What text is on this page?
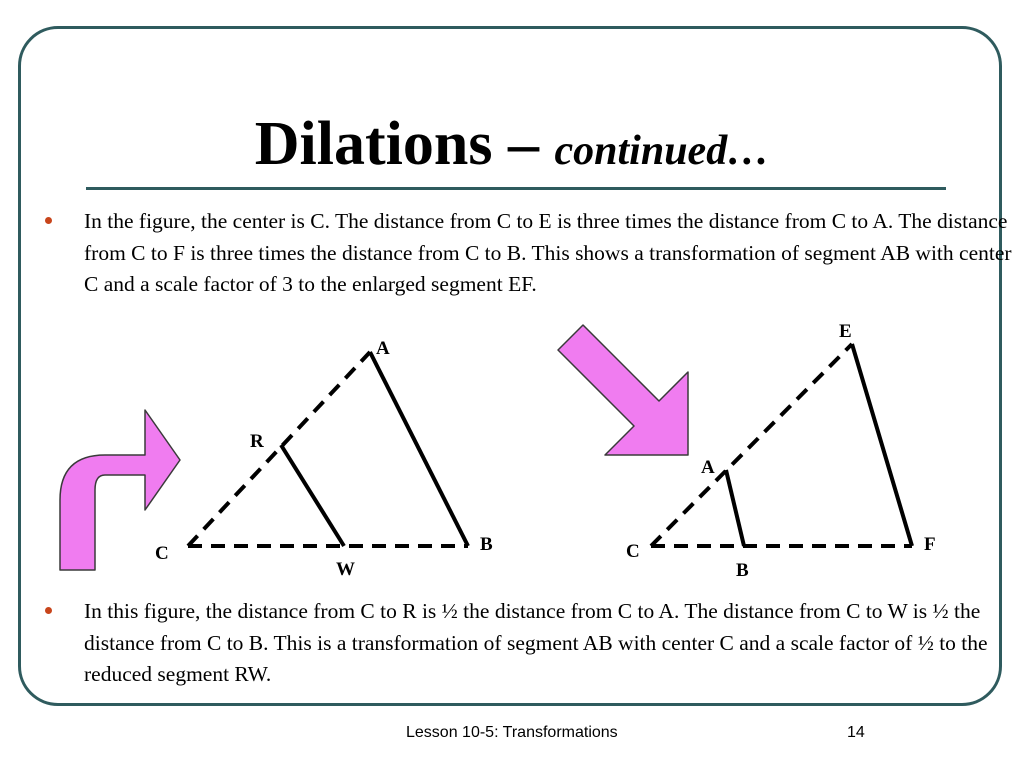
Dilations – continued…

In the figure, the center is C. The distance from C to E is three times the distance from C to A. The distance from C to F is three times the distance from C to B. This shows a transformation of segment AB with center C and a scale factor of 3 to the enlarged segment EF.

In this figure, the distance from C to R is ½ the distance from C to A. The distance from C to W is ½ the distance from C to B. This is a transformation of segment AB with center C and a scale factor of ½ to the reduced segment RW.

A
R
C
W
B
E
A
C
B
F
Lesson 10-5: Transformations	14
